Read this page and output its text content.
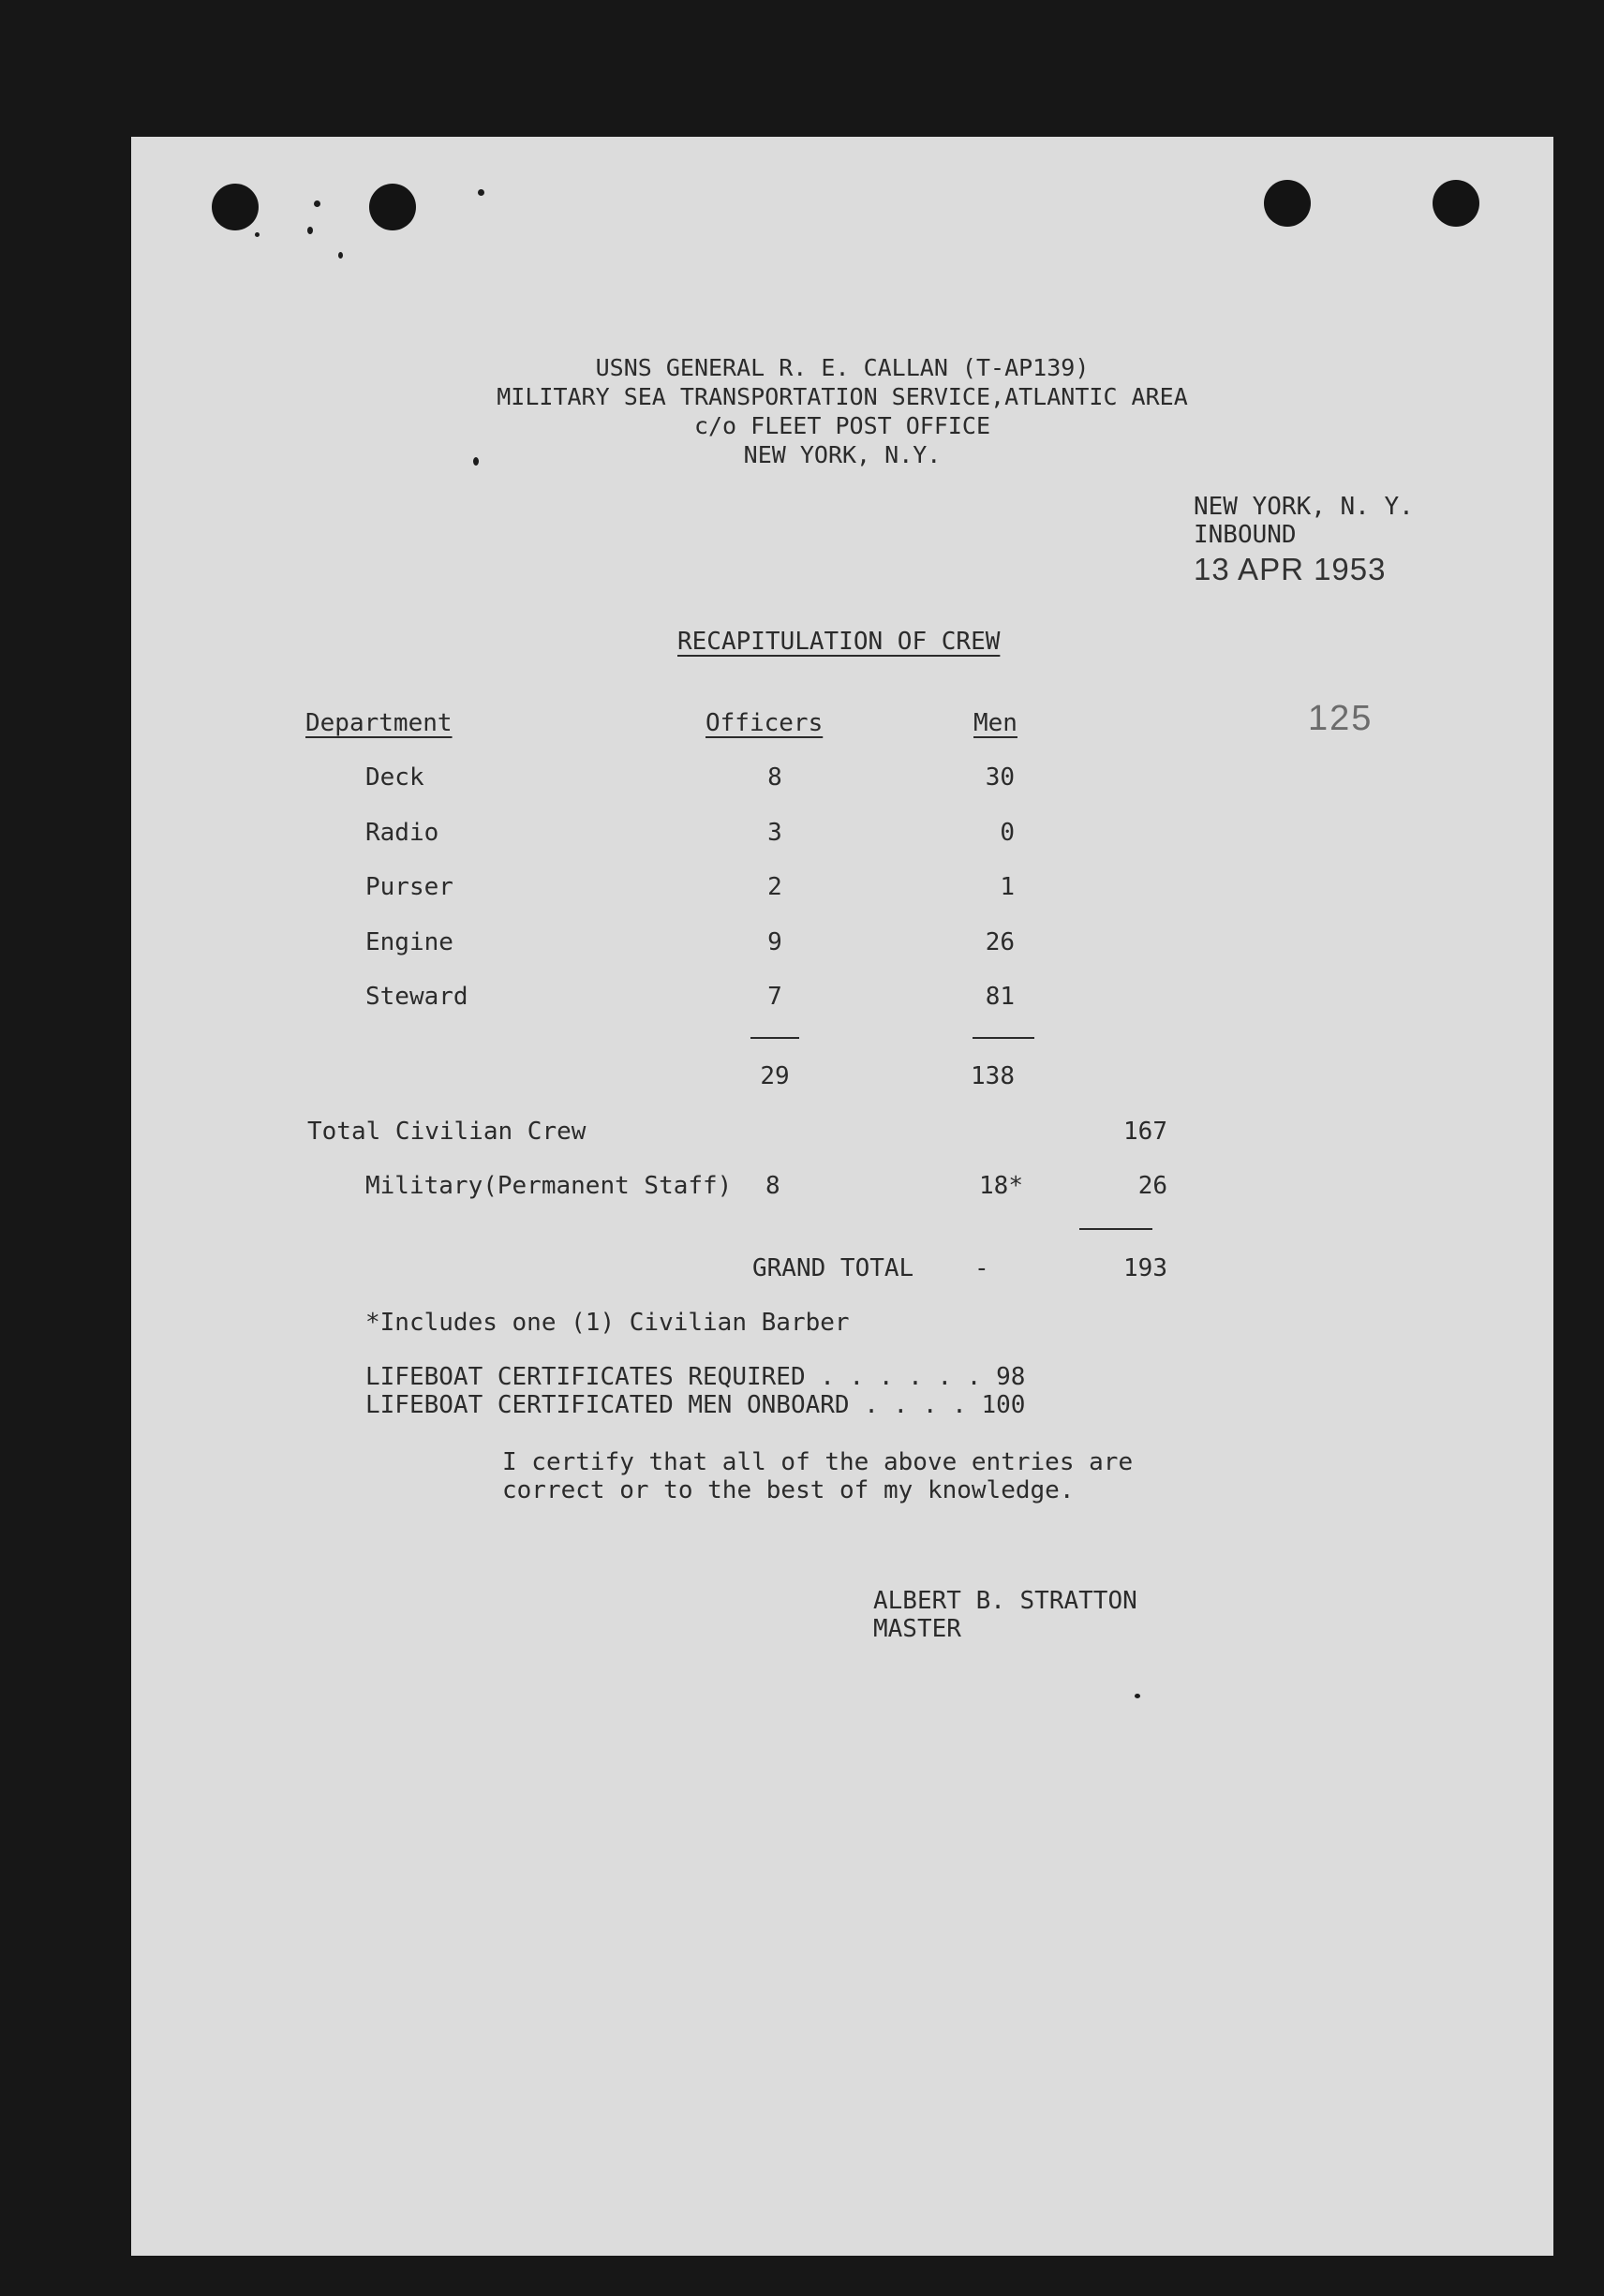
USNS GENERAL R. E. CALLAN (T-AP139)
MILITARY SEA TRANSPORTATION SERVICE,ATLANTIC AREA
c/o FLEET POST OFFICE
NEW YORK, N.Y.
NEW YORK, N. Y.
INBOUND
13 APR 1953
125
RECAPITULATION OF CREW
Department	Officers	Men
Deck	8	30
Radio	3	0
Purser	2	1
Engine	9	26
Steward	7	81
29	138
Total Civilian Crew	167
Military(Permanent Staff) 8	18*	26
GRAND TOTAL -	193
*Includes one (1) Civilian Barber
LIFEBOAT CERTIFICATES REQUIRED . . . . . . 98
LIFEBOAT CERTIFICATED MEN ONBOARD . . . . 100
I certify that all of the above entries are
correct or to the best of my knowledge.
ALBERT B. STRATTON
MASTER
